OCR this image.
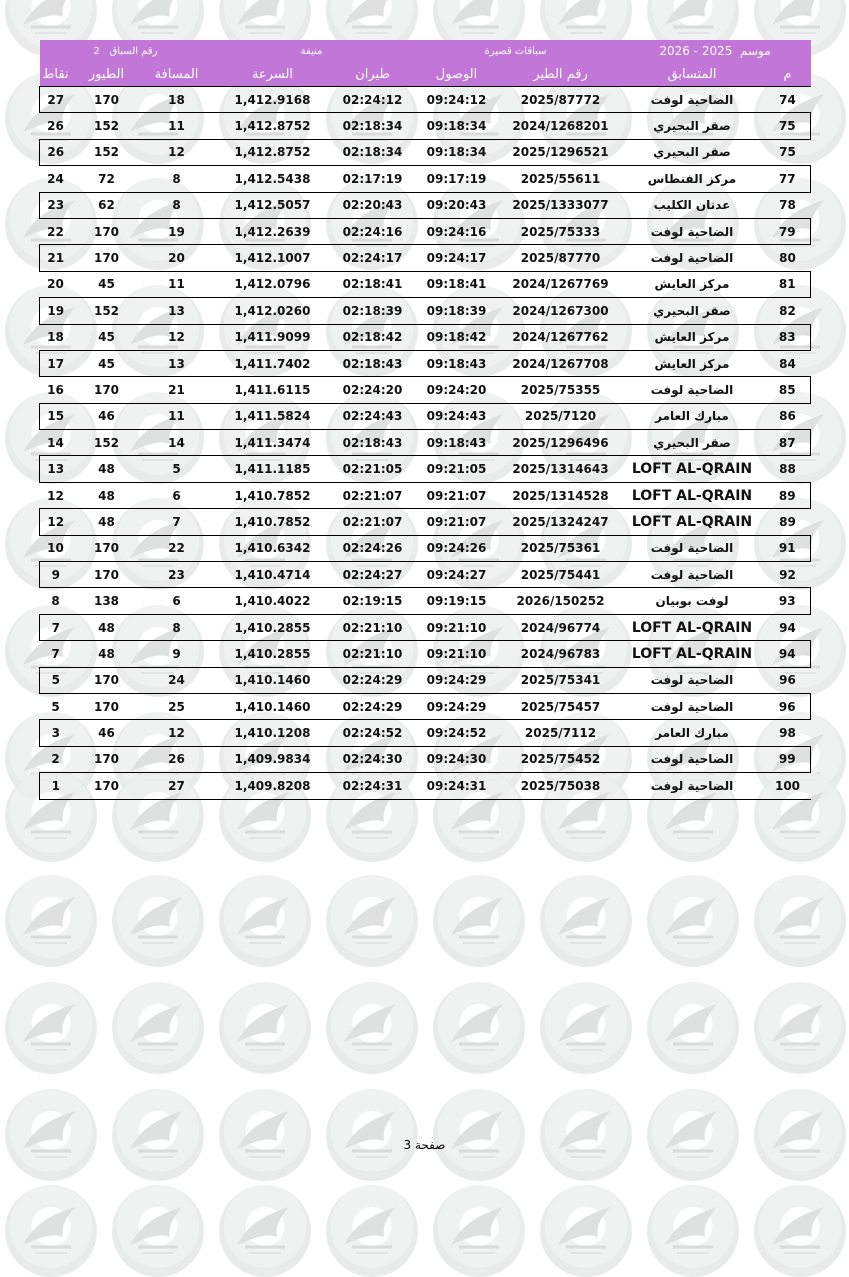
رقم السباق   2			منيفة		سباقات قصيرة		2026 - 2025 موسم	
نقاط	الطيور	المسافة	السرعة	طيران	الوصول	رقم الطير	المتسابق	م
27	170	18	1,412.9168	02:24:12	09:24:12	2025/87772	الضاحية لوفت	74
26	152	11	1,412.8752	02:18:34	09:18:34	2024/1268201	صقر البحيري	75
26	152	12	1,412.8752	02:18:34	09:18:34	2025/1296521	صقر البحيري	75
24	72	8	1,412.5438	02:17:19	09:17:19	2025/55611	مركز الفنطاس	77
23	62	8	1,412.5057	02:20:43	09:20:43	2025/1333077	عدنان الكليب	78
22	170	19	1,412.2639	02:24:16	09:24:16	2025/75333	الضاحية لوفت	79
21	170	20	1,412.1007	02:24:17	09:24:17	2025/87770	الضاحية لوفت	80
20	45	11	1,412.0796	02:18:41	09:18:41	2024/1267769	مركز العايش	81
19	152	13	1,412.0260	02:18:39	09:18:39	2024/1267300	صقر البحيري	82
18	45	12	1,411.9099	02:18:42	09:18:42	2024/1267762	مركز العايش	83
17	45	13	1,411.7402	02:18:43	09:18:43	2024/1267708	مركز العايش	84
16	170	21	1,411.6115	02:24:20	09:24:20	2025/75355	الضاحية لوفت	85
15	46	11	1,411.5824	02:24:43	09:24:43	2025/7120	مبارك العامر	86
14	152	14	1,411.3474	02:18:43	09:18:43	2025/1296496	صقر البحيري	87
13	48	5	1,411.1185	02:21:05	09:21:05	2025/1314643	LOFT AL-QRAIN	88
12	48	6	1,410.7852	02:21:07	09:21:07	2025/1314528	LOFT AL-QRAIN	89
12	48	7	1,410.7852	02:21:07	09:21:07	2025/1324247	LOFT AL-QRAIN	89
10	170	22	1,410.6342	02:24:26	09:24:26	2025/75361	الضاحية لوفت	91
9	170	23	1,410.4714	02:24:27	09:24:27	2025/75441	الضاحية لوفت	92
8	138	6	1,410.4022	02:19:15	09:19:15	2026/150252	لوفت بوبيان	93
7	48	8	1,410.2855	02:21:10	09:21:10	2024/96774	LOFT AL-QRAIN	94
7	48	9	1,410.2855	02:21:10	09:21:10	2024/96783	LOFT AL-QRAIN	94
5	170	24	1,410.1460	02:24:29	09:24:29	2025/75341	الضاحية لوفت	96
5	170	25	1,410.1460	02:24:29	09:24:29	2025/75457	الضاحية لوفت	96
3	46	12	1,410.1208	02:24:52	09:24:52	2025/7112	مبارك العامر	98
2	170	26	1,409.9834	02:24:30	09:24:30	2025/75452	الضاحية لوفت	99
1	170	27	1,409.8208	02:24:31	09:24:31	2025/75038	الضاحية لوفت	100
صفحة 3
